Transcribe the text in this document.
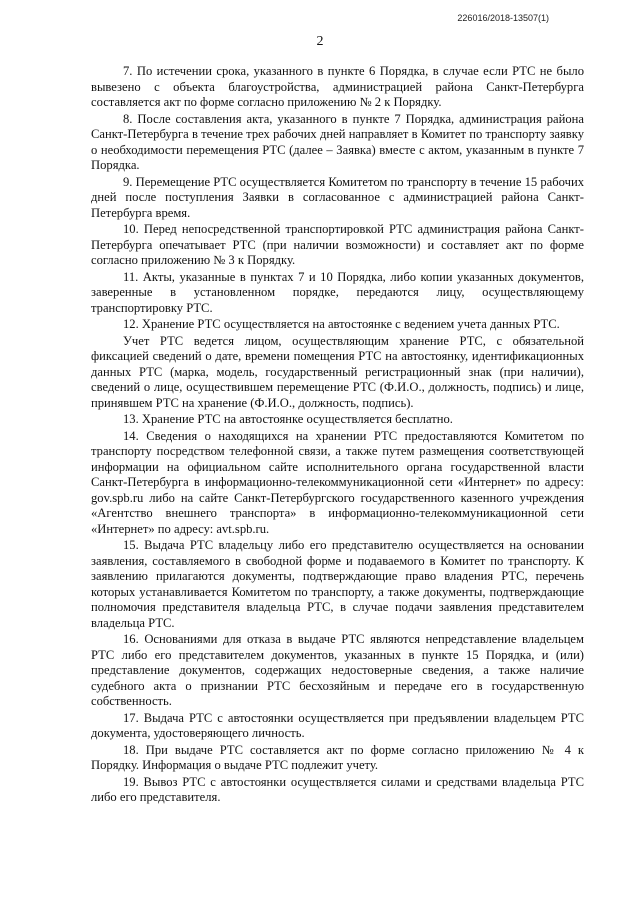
226016/2018-13507(1)
2

7. По истечении срока, указанного в пункте 6 Порядка, в случае если РТС не было вывезено с объекта благоустройства, администрацией района Санкт-Петербурга составляется акт по форме согласно приложению № 2 к Порядку.

8. После составления акта, указанного в пункте 7 Порядка, администрация района Санкт-Петербурга в течение трех рабочих дней направляет в Комитет по транспорту заявку о необходимости перемещения РТС (далее – Заявка) вместе с актом, указанным в пункте 7 Порядка.

9. Перемещение РТС осуществляется Комитетом по транспорту в течение 15 рабочих дней после поступления Заявки в согласованное с администрацией района Санкт-Петербурга время.

10. Перед непосредственной транспортировкой РТС администрация района Санкт-Петербурга опечатывает РТС (при наличии возможности) и составляет акт по форме согласно приложению № 3 к Порядку.

11. Акты, указанные в пунктах 7 и 10 Порядка, либо копии указанных документов, заверенные в установленном порядке, передаются лицу, осуществляющему транспортировку РТС.

12. Хранение РТС осуществляется на автостоянке с ведением учета данных РТС.

Учет РТС ведется лицом, осуществляющим хранение РТС, с обязательной фиксацией сведений о дате, времени помещения РТС на автостоянку, идентификационных данных РТС (марка, модель, государственный регистрационный знак (при наличии), сведений о лице, осуществившем перемещение РТС (Ф.И.О., должность, подпись) и лице, принявшем РТС на хранение (Ф.И.О., должность, подпись).

13. Хранение РТС на автостоянке осуществляется бесплатно.

14. Сведения о находящихся на хранении РТС предоставляются Комитетом по транспорту посредством телефонной связи, а также путем размещения соответствующей информации на официальном сайте исполнительного органа государственной власти Санкт-Петербурга в информационно-телекоммуникационной сети «Интернет» по адресу: gov.spb.ru либо на сайте Санкт-Петербургского государственного казенного учреждения «Агентство внешнего транспорта» в информационно-телекоммуникационной сети «Интернет» по адресу: avt.spb.ru.

15. Выдача РТС владельцу либо его представителю осуществляется на основании заявления, составляемого в свободной форме и подаваемого в Комитет по транспорту. К заявлению прилагаются документы, подтверждающие право владения РТС, перечень которых устанавливается Комитетом по транспорту, а также документы, подтверждающие полномочия представителя владельца РТС, в случае подачи заявления представителем владельца РТС.

16. Основаниями для отказа в выдаче РТС являются непредставление владельцем РТС либо его представителем документов, указанных в пункте 15 Порядка, и (или) представление документов, содержащих недостоверные сведения, а также наличие судебного акта о признании РТС бесхозяйным и передаче его в государственную собственность.

17. Выдача РТС с автостоянки осуществляется при предъявлении владельцем РТС документа, удостоверяющего личность.

18. При выдаче РТС составляется акт по форме согласно приложению № 4 к Порядку. Информация о выдаче РТС подлежит учету.

19. Вывоз РТС с автостоянки осуществляется силами и средствами владельца РТС либо его представителя.
